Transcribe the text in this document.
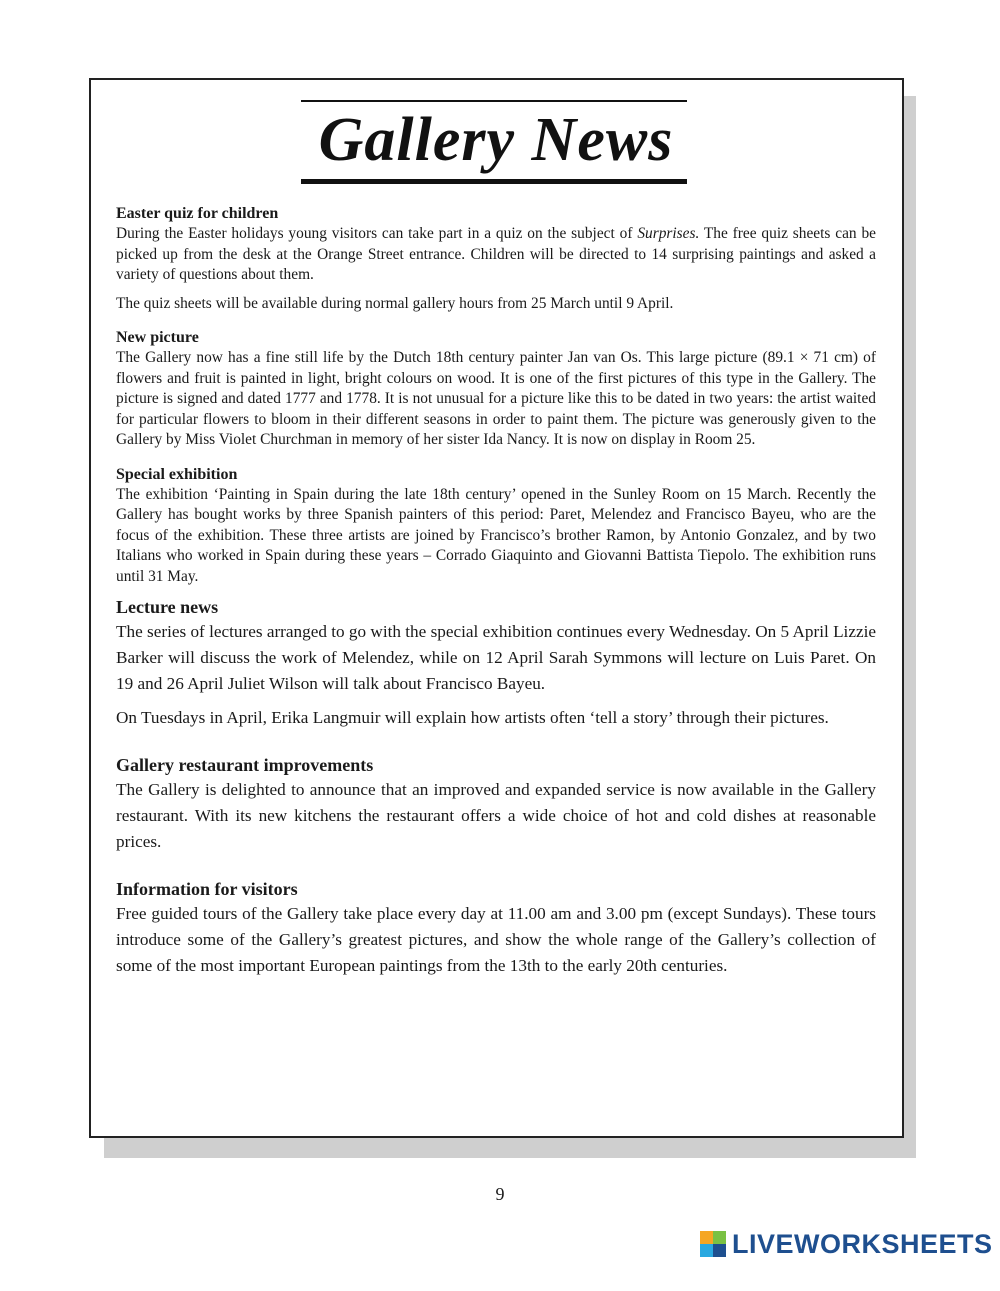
Gallery News
Easter quiz for children

During the Easter holidays young visitors can take part in a quiz on the subject of Surprises. The free quiz sheets can be picked up from the desk at the Orange Street entrance. Children will be directed to 14 surprising paintings and asked a variety of questions about them.

The quiz sheets will be available during normal gallery hours from 25 March until 9 April.

New picture

The Gallery now has a fine still life by the Dutch 18th century painter Jan van Os. This large picture (89.1 × 71 cm) of flowers and fruit is painted in light, bright colours on wood. It is one of the first pictures of this type in the Gallery. The picture is signed and dated 1777 and 1778. It is not unusual for a picture like this to be dated in two years: the artist waited for particular flowers to bloom in their different seasons in order to paint them. The picture was generously given to the Gallery by Miss Violet Churchman in memory of her sister Ida Nancy. It is now on display in Room 25.

Special exhibition

The exhibition ‘Painting in Spain during the late 18th century’ opened in the Sunley Room on 15 March. Recently the Gallery has bought works by three Spanish painters of this period: Paret, Melendez and Francisco Bayeu, who are the focus of the exhibition. These three artists are joined by Francisco’s brother Ramon, by Antonio Gonzalez, and by two Italians who worked in Spain during these years – Corrado Giaquinto and Giovanni Battista Tiepolo. The exhibition runs until 31 May.

Lecture news

The series of lectures arranged to go with the special exhibition continues every Wednesday. On 5 April Lizzie Barker will discuss the work of Melendez, while on 12 April Sarah Symmons will lecture on Luis Paret. On 19 and 26 April Juliet Wilson will talk about Francisco Bayeu.

On Tuesdays in April, Erika Langmuir will explain how artists often ‘tell a story’ through their pictures.

Gallery restaurant improvements

The Gallery is delighted to announce that an improved and expanded service is now available in the Gallery restaurant. With its new kitchens the restaurant offers a wide choice of hot and cold dishes at reasonable prices.

Information for visitors

Free guided tours of the Gallery take place every day at 11.00 am and 3.00 pm (except Sundays). These tours introduce some of the Gallery’s greatest pictures, and show the whole range of the Gallery’s collection of some of the most important European paintings from the 13th to the early 20th centuries.

9
LIVEWORKSHEETS
